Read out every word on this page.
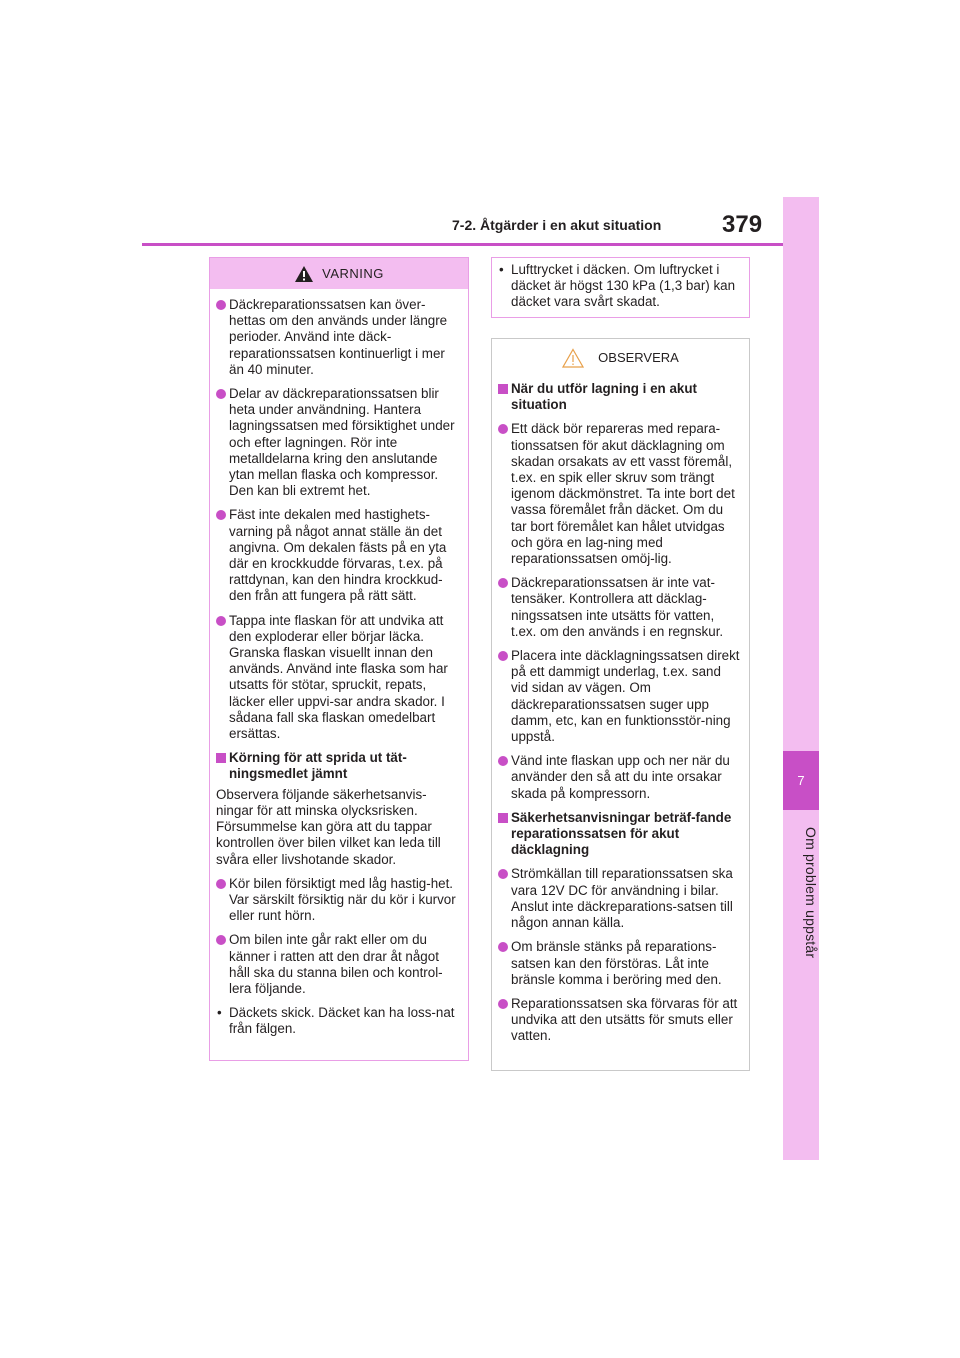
7-2. Åtgärder i en akut situation	379
7
Om problem uppstår
VARNING
Däckreparationssatsen kan över-hettas om den används under längre perioder. Använd inte däck-reparationssatsen kontinuerligt i mer än 40 minuter.
Delar av däckreparationssatsen blir heta under användning. Hantera lagningssatsen med försiktighet under och efter lagningen. Rör inte metalldelarna kring den anslutande ytan mellan flaska och kompressor. Den kan bli extremt het.
Fäst inte dekalen med hastighets-varning på något annat ställe än det angivna. Om dekalen fästs på en yta där en krockkudde förvaras, t.ex. på rattdynan, kan den hindra krockkud-den från att fungera på rätt sätt.
Tappa inte flaskan för att undvika att den exploderar eller börjar läcka. Granska flaskan visuellt innan den används. Använd inte flaska som har utsatts för stötar, spruckit, repats, läcker eller uppvi-sar andra skador. I sådana fall ska flaskan omedelbart ersättas.
Körning för att sprida ut tät-ningsmedlet jämnt
Observera följande säkerhetsanvis-ningar för att minska olycksrisken. Försummelse kan göra att du tappar kontrollen över bilen vilket kan leda till svåra eller livshotande skador.
Kör bilen försiktigt med låg hastig-het. Var särskilt försiktig när du kör i kurvor eller runt hörn.
Om bilen inte går rakt eller om du känner i ratten att den drar åt något håll ska du stanna bilen och kontrol-lera följande.
• Däckets skick. Däcket kan ha loss-nat från fälgen.
• Lufttrycket i däcken. Om luftrycket i däcket är högst 130 kPa (1,3 bar) kan däcket vara svårt skadat.
OBSERVERA
När du utför lagning i en akut situation
Ett däck bör repareras med repara-tionssatsen för akut däcklagning om skadan orsakats av ett vasst föremål, t.ex. en spik eller skruv som trängt igenom däckmönstret. Ta inte bort det vassa föremålet från däcket. Om du tar bort föremålet kan hålet utvidgas och göra en lag-ning med reparationssatsen omöj-lig.
Däckreparationssatsen är inte vat-tensäker. Kontrollera att däcklag-ningssatsen inte utsätts för vatten, t.ex. om den används i en regnskur.
Placera inte däcklagningssatsen direkt på ett dammigt underlag, t.ex. sand vid sidan av vägen. Om däckreparationssatsen suger upp damm, etc, kan en funktionsstör-ning uppstå.
Vänd inte flaskan upp och ner när du använder den så att du inte orsakar skada på kompressorn.
Säkerhetsanvisningar beträf-fande reparationssatsen för akut däcklagning
Strömkällan till reparationssatsen ska vara 12V DC för användning i bilar. Anslut inte däckreparations-satsen till någon annan källa.
Om bränsle stänks på reparations-satsen kan den förstöras. Låt inte bränsle komma i beröring med den.
Reparationssatsen ska förvaras för att undvika att den utsätts för smuts eller vatten.
